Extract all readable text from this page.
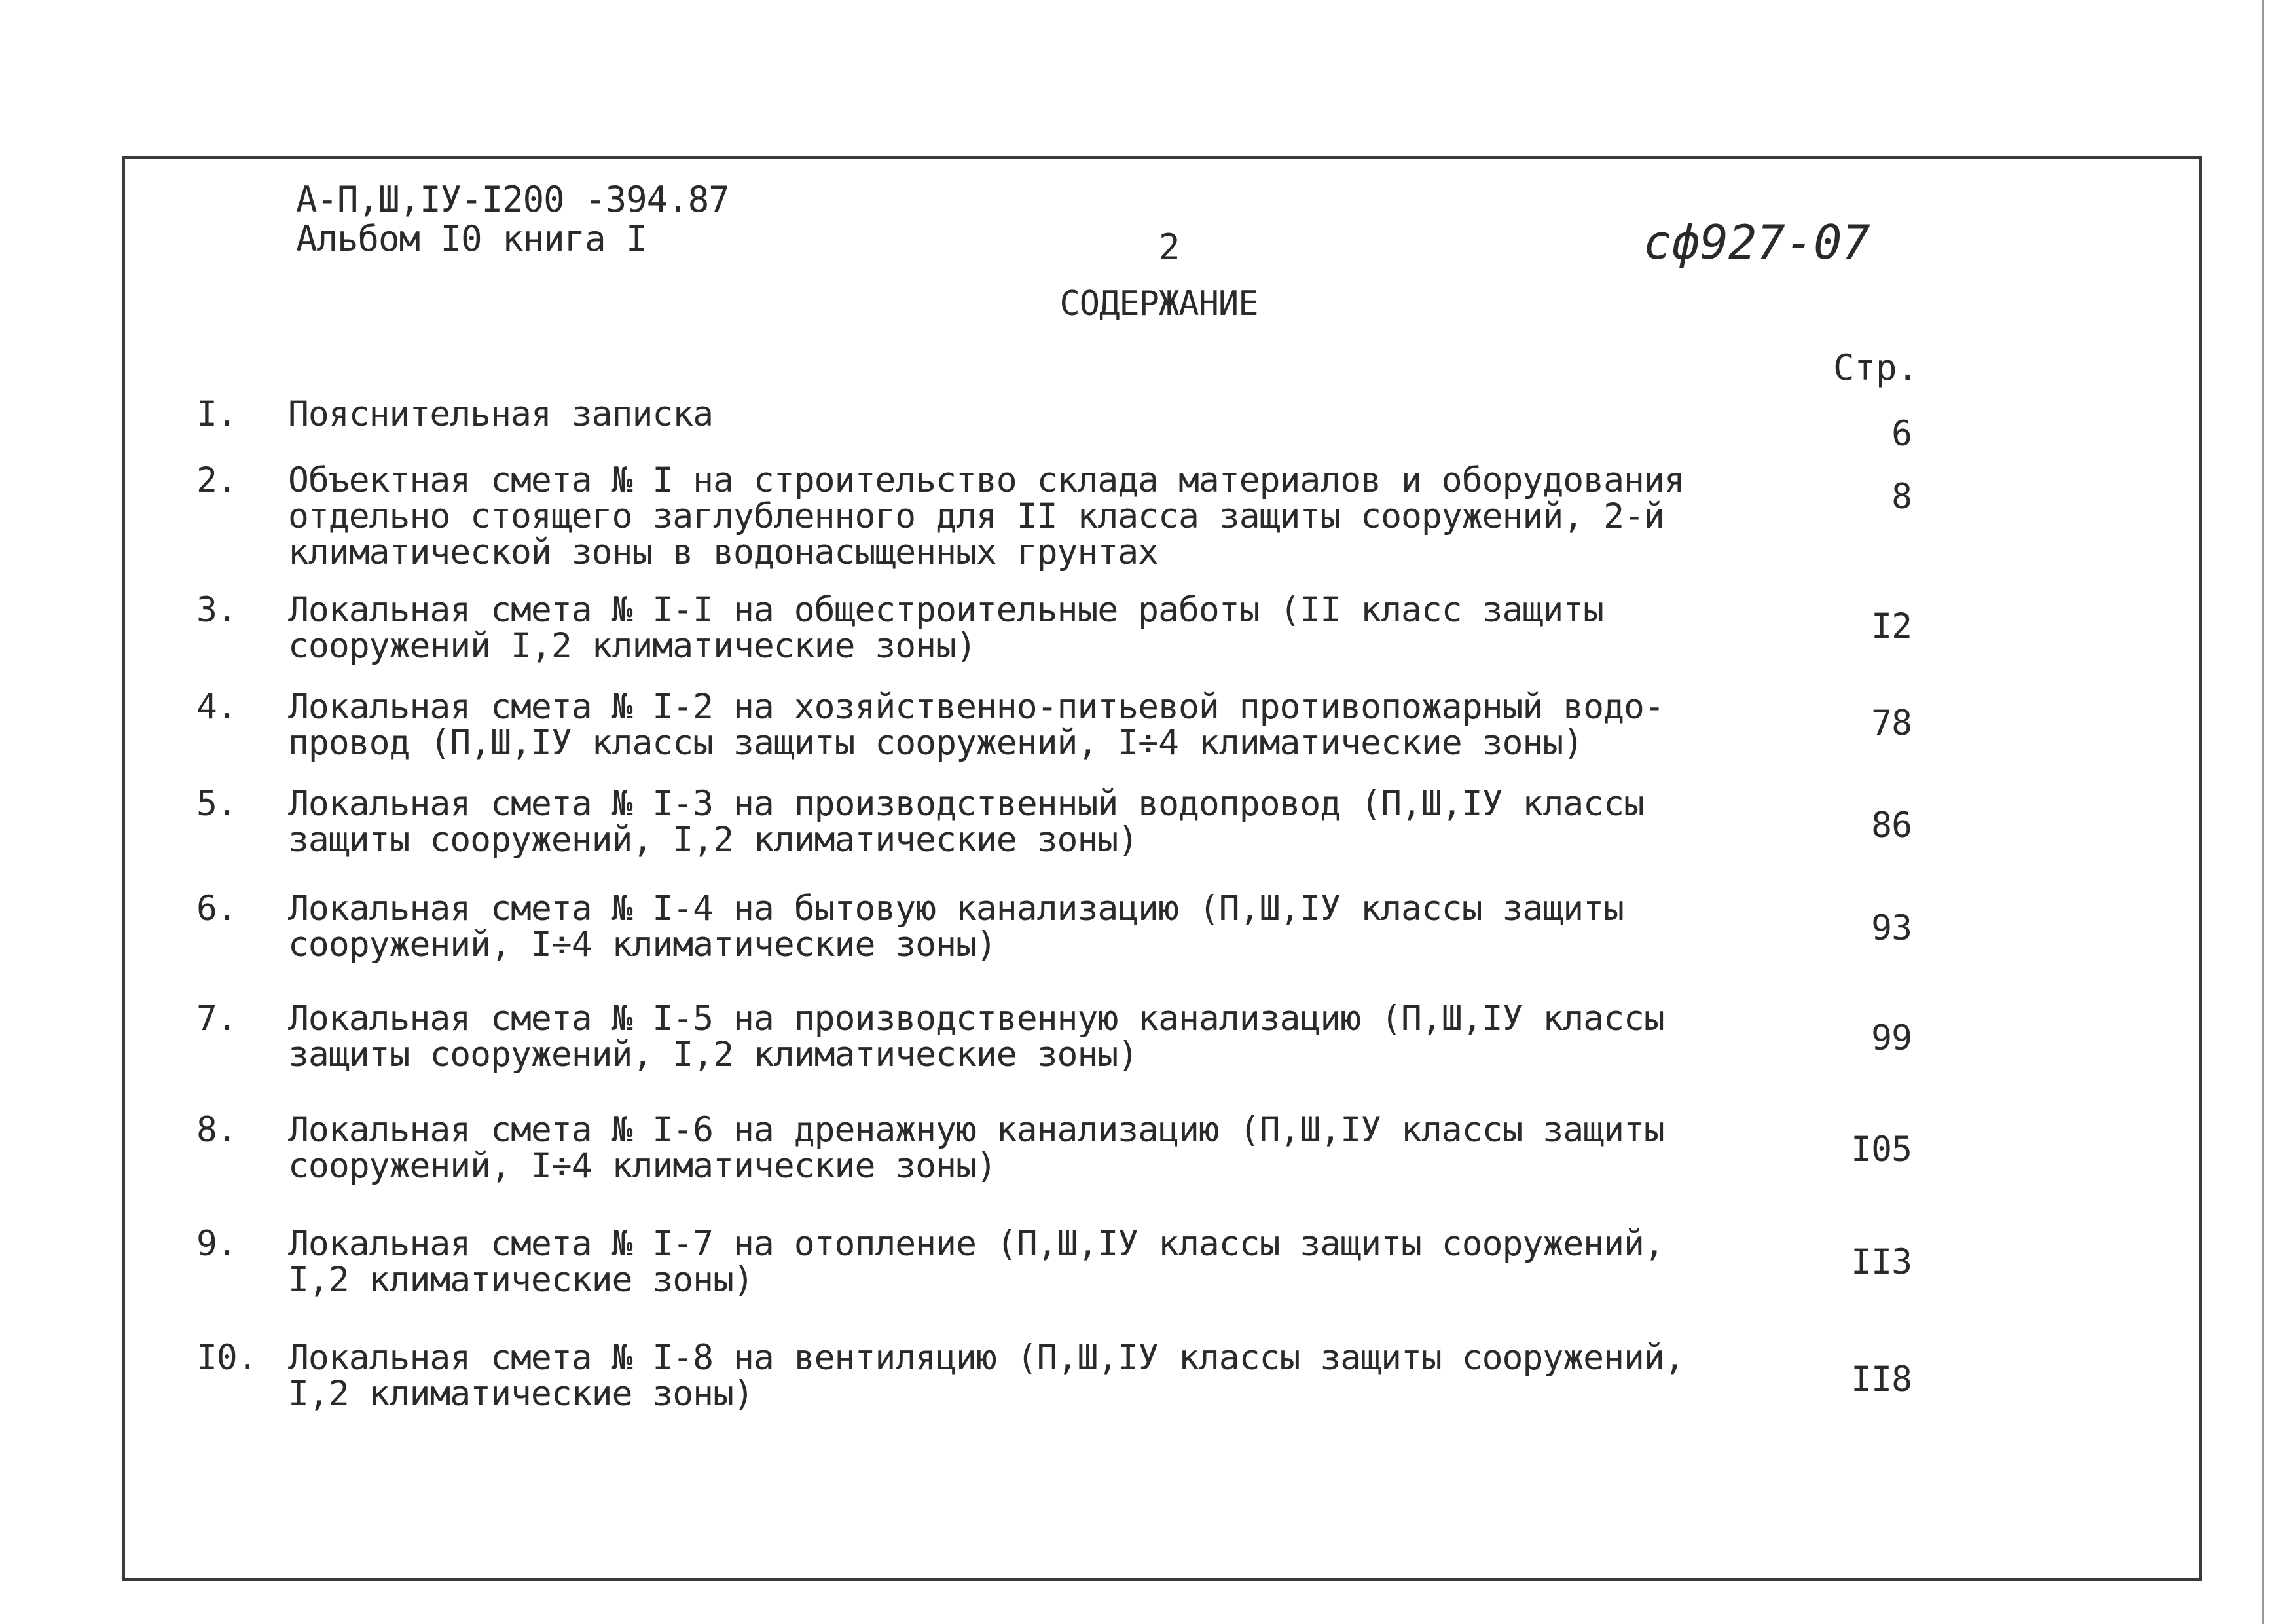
А-П,Ш,IУ-I200 -394.87
Альбом I0 книга I	2	сф927-07
СОДЕРЖАНИЕ
Стр.
I.	Пояснительная записка	6
2.	Объектная смета № I на строительство склада материалов и оборудования
отдельно стоящего заглубленного для II класса защиты сооружений, 2-й
климатической зоны в водонасыщенных грунтах
8
3.	Локальная смета № I-I на общестроительные работы (II класс защиты
сооружений I,2 климатические зоны)	I2
4.	Локальная смета № I-2 на хозяйственно-питьевой противопожарный водо-
провод (П,Ш,IУ классы защиты сооружений, I÷4 климатические зоны)	78
5.	Локальная смета № I-3 на производственный водопровод (П,Ш,IУ классы
защиты сооружений, I,2 климатические зоны)	86
6.	Локальная смета № I-4 на бытовую канализацию (П,Ш,IУ классы защиты
сооружений, I÷4 климатические зоны)	93
7.	Локальная смета № I-5 на производственную канализацию (П,Ш,IУ классы
защиты сооружений, I,2 климатические зоны)	99
8.	Локальная смета № I-6 на дренажную канализацию (П,Ш,IУ классы защиты
сооружений, I÷4 климатические зоны)	I05
9.	Локальная смета № I-7 на отопление (П,Ш,IУ классы защиты сооружений,
I,2 климатические зоны)	II3
I0. Локальная смета № I-8 на вентиляцию (П,Ш,IУ классы защиты сооружений,
I,2 климатические зоны)	II8
